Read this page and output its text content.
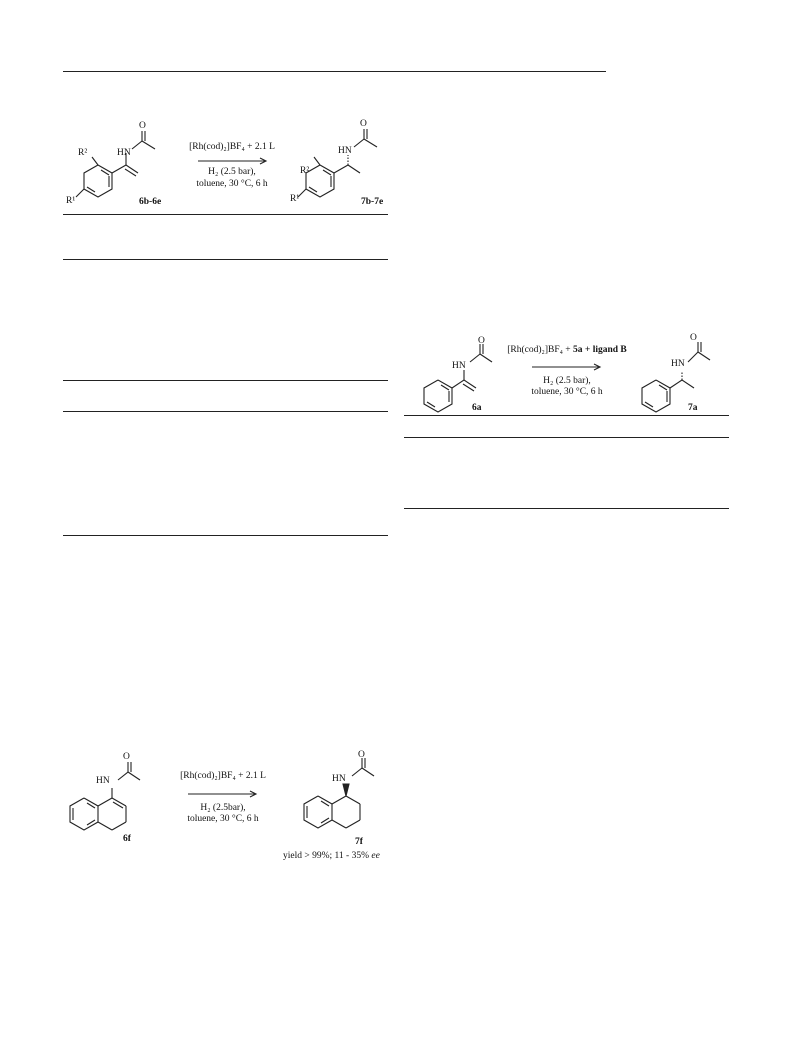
O
HN
R²
R¹	6b-6e
[Rh(cod)₂]BF₄ + 2.1 L
H₂ (2.5 bar),
toluene, 30 °C, 6 h
O
HN
R²
R¹	7b-7e
O
HN
6a
[Rh(cod)₂]BF₄ + 5a + ligand B
H₂ (2.5 bar),
toluene, 30 °C, 6 h
O
HN
7a
O
HN
6f
[Rh(cod)₂]BF₄ + 2.1 L
H₂ (2.5bar),
toluene, 30 °C, 6 h
O
HN
7f
yield > 99%; 11 - 35% ee
